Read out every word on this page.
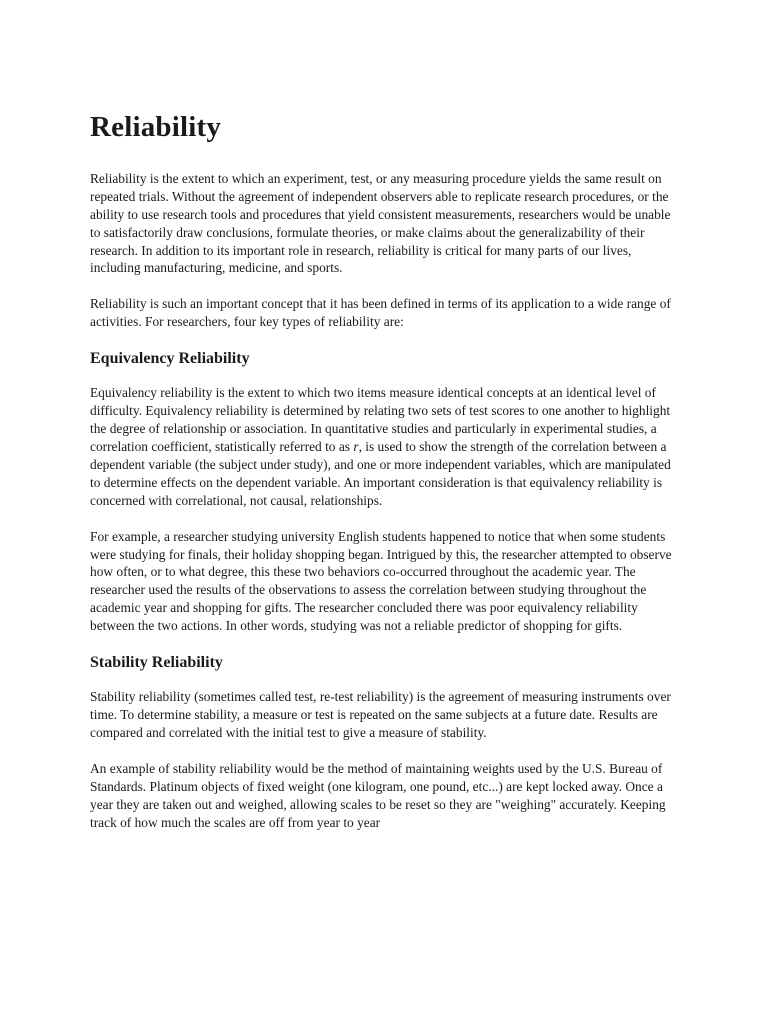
Reliability

Reliability is the extent to which an experiment, test, or any measuring procedure yields the same result on repeated trials. Without the agreement of independent observers able to replicate research procedures, or the ability to use research tools and procedures that yield consistent measurements, researchers would be unable to satisfactorily draw conclusions, formulate theories, or make claims about the generalizability of their research. In addition to its important role in research, reliability is critical for many parts of our lives, including manufacturing, medicine, and sports.

Reliability is such an important concept that it has been defined in terms of its application to a wide range of activities. For researchers, four key types of reliability are:

Equivalency Reliability

Equivalency reliability is the extent to which two items measure identical concepts at an identical level of difficulty. Equivalency reliability is determined by relating two sets of test scores to one another to highlight the degree of relationship or association. In quantitative studies and particularly in experimental studies, a correlation coefficient, statistically referred to as r, is used to show the strength of the correlation between a dependent variable (the subject under study), and one or more independent variables, which are manipulated to determine effects on the dependent variable. An important consideration is that equivalency reliability is concerned with correlational, not causal, relationships.

For example, a researcher studying university English students happened to notice that when some students were studying for finals, their holiday shopping began. Intrigued by this, the researcher attempted to observe how often, or to what degree, this these two behaviors co-occurred throughout the academic year. The researcher used the results of the observations to assess the correlation between studying throughout the academic year and shopping for gifts. The researcher concluded there was poor equivalency reliability between the two actions. In other words, studying was not a reliable predictor of shopping for gifts.

Stability Reliability

Stability reliability (sometimes called test, re-test reliability) is the agreement of measuring instruments over time. To determine stability, a measure or test is repeated on the same subjects at a future date. Results are compared and correlated with the initial test to give a measure of stability.

An example of stability reliability would be the method of maintaining weights used by the U.S. Bureau of Standards. Platinum objects of fixed weight (one kilogram, one pound, etc...) are kept locked away. Once a year they are taken out and weighed, allowing scales to be reset so they are "weighing" accurately. Keeping track of how much the scales are off from year to year
